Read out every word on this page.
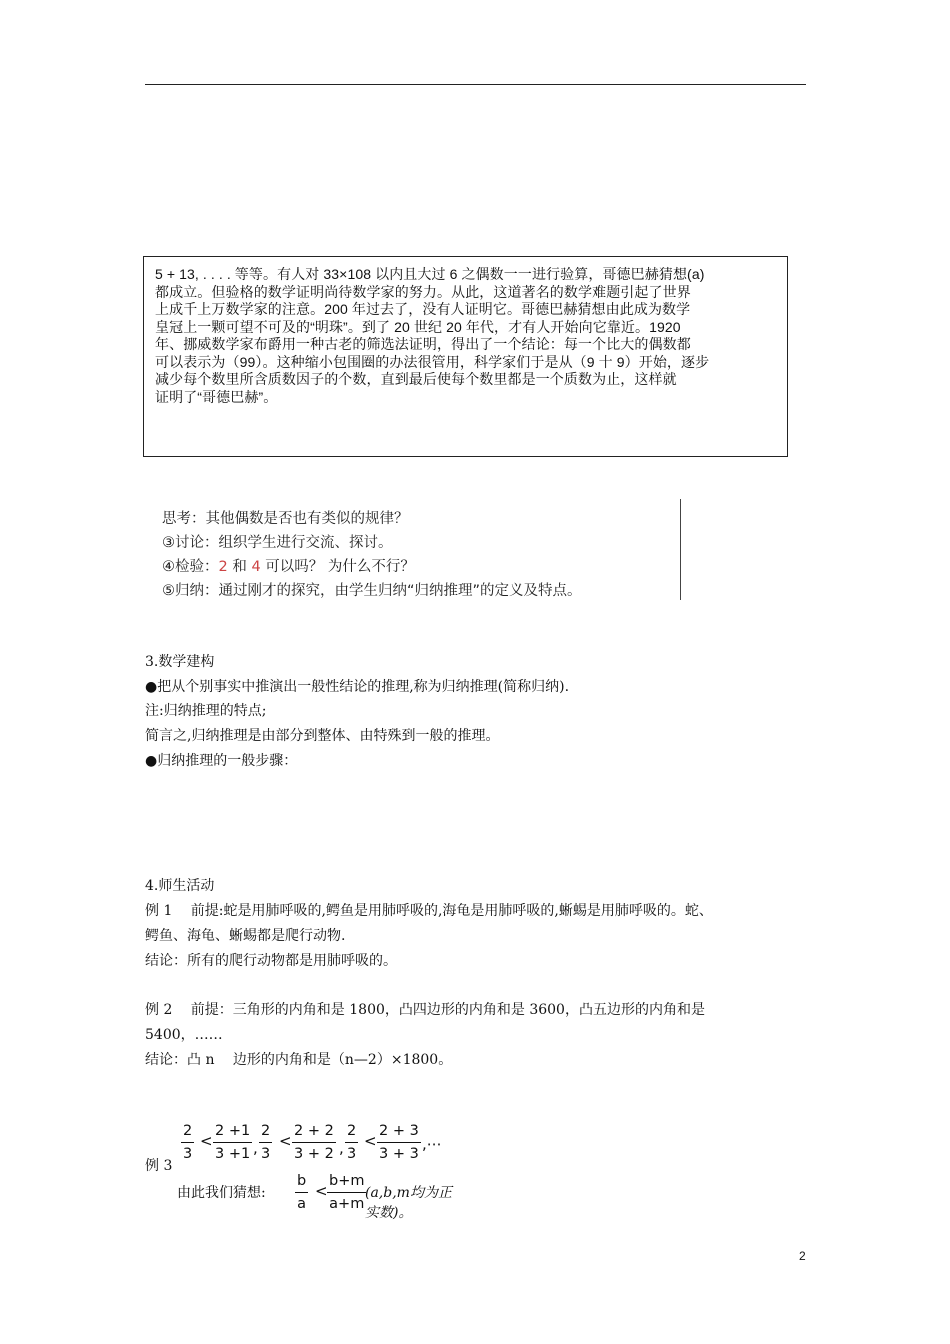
5 + 13, . . . . 等等。有人对 33×108 以内且大过 6 之偶数一一进行验算，哥德巴赫猜想(a)
都成立。但验格的数学证明尚待数学家的努力。从此，这道著名的数学难题引起了世界
上成千上万数学家的注意。200 年过去了，没有人证明它。哥德巴赫猜想由此成为数学
皇冠上一颗可望不可及的“明珠”。到了 20 世纪 20 年代，才有人开始向它靠近。1920
年、挪威数学家布爵用一种古老的筛选法证明，得出了一个结论：每一个比大的偶数都
可以表示为（99）。这种缩小包围圈的办法很管用，科学家们于是从（9 十 9）开始，逐步
减少每个数里所含质数因子的个数，直到最后使每个数里都是一个质数为止，这样就
证明了“哥德巴赫”。
思考：其他偶数是否也有类似的规律？
③讨论：组织学生进行交流、探讨。
④检验：2 和 4 可以吗？ 为什么不行？
⑤归纳：通过刚才的探究，由学生归纳“归纳推理”的定义及特点。
3.数学建构
●把从个别事实中推演出一般性结论的推理,称为归纳推理(简称归纳).
注:归纳推理的特点;
简言之,归纳推理是由部分到整体、由特殊到一般的推理。
●归纳推理的一般步骤：
4.师生活动
例 1　 前提:蛇是用肺呼吸的,鳄鱼是用肺呼吸的,海龟是用肺呼吸的,蜥蜴是用肺呼吸的。蛇、
鳄鱼、海龟、蜥蜴都是爬行动物.
结论：所有的爬行动物都是用肺呼吸的。
例 2　 前提：三角形的内角和是 1800，凸四边形的内角和是 3600，凸五边形的内角和是
5400，……
结论：凸 n　 边形的内角和是（n—2）×1800。
例 3
$\frac{2}{3} < \frac{2 +1}{3 +1}$ , $\frac{2}{3} < \frac{2 + 2}{3 + 2}$ , $\frac{2}{3} < \frac{2 + 3}{3 + 3}$ ,⋯
由此我们猜想: $\frac{b}{a} < \frac{b+m}{a+m}$
(a,b,m均为正实数)。
2
